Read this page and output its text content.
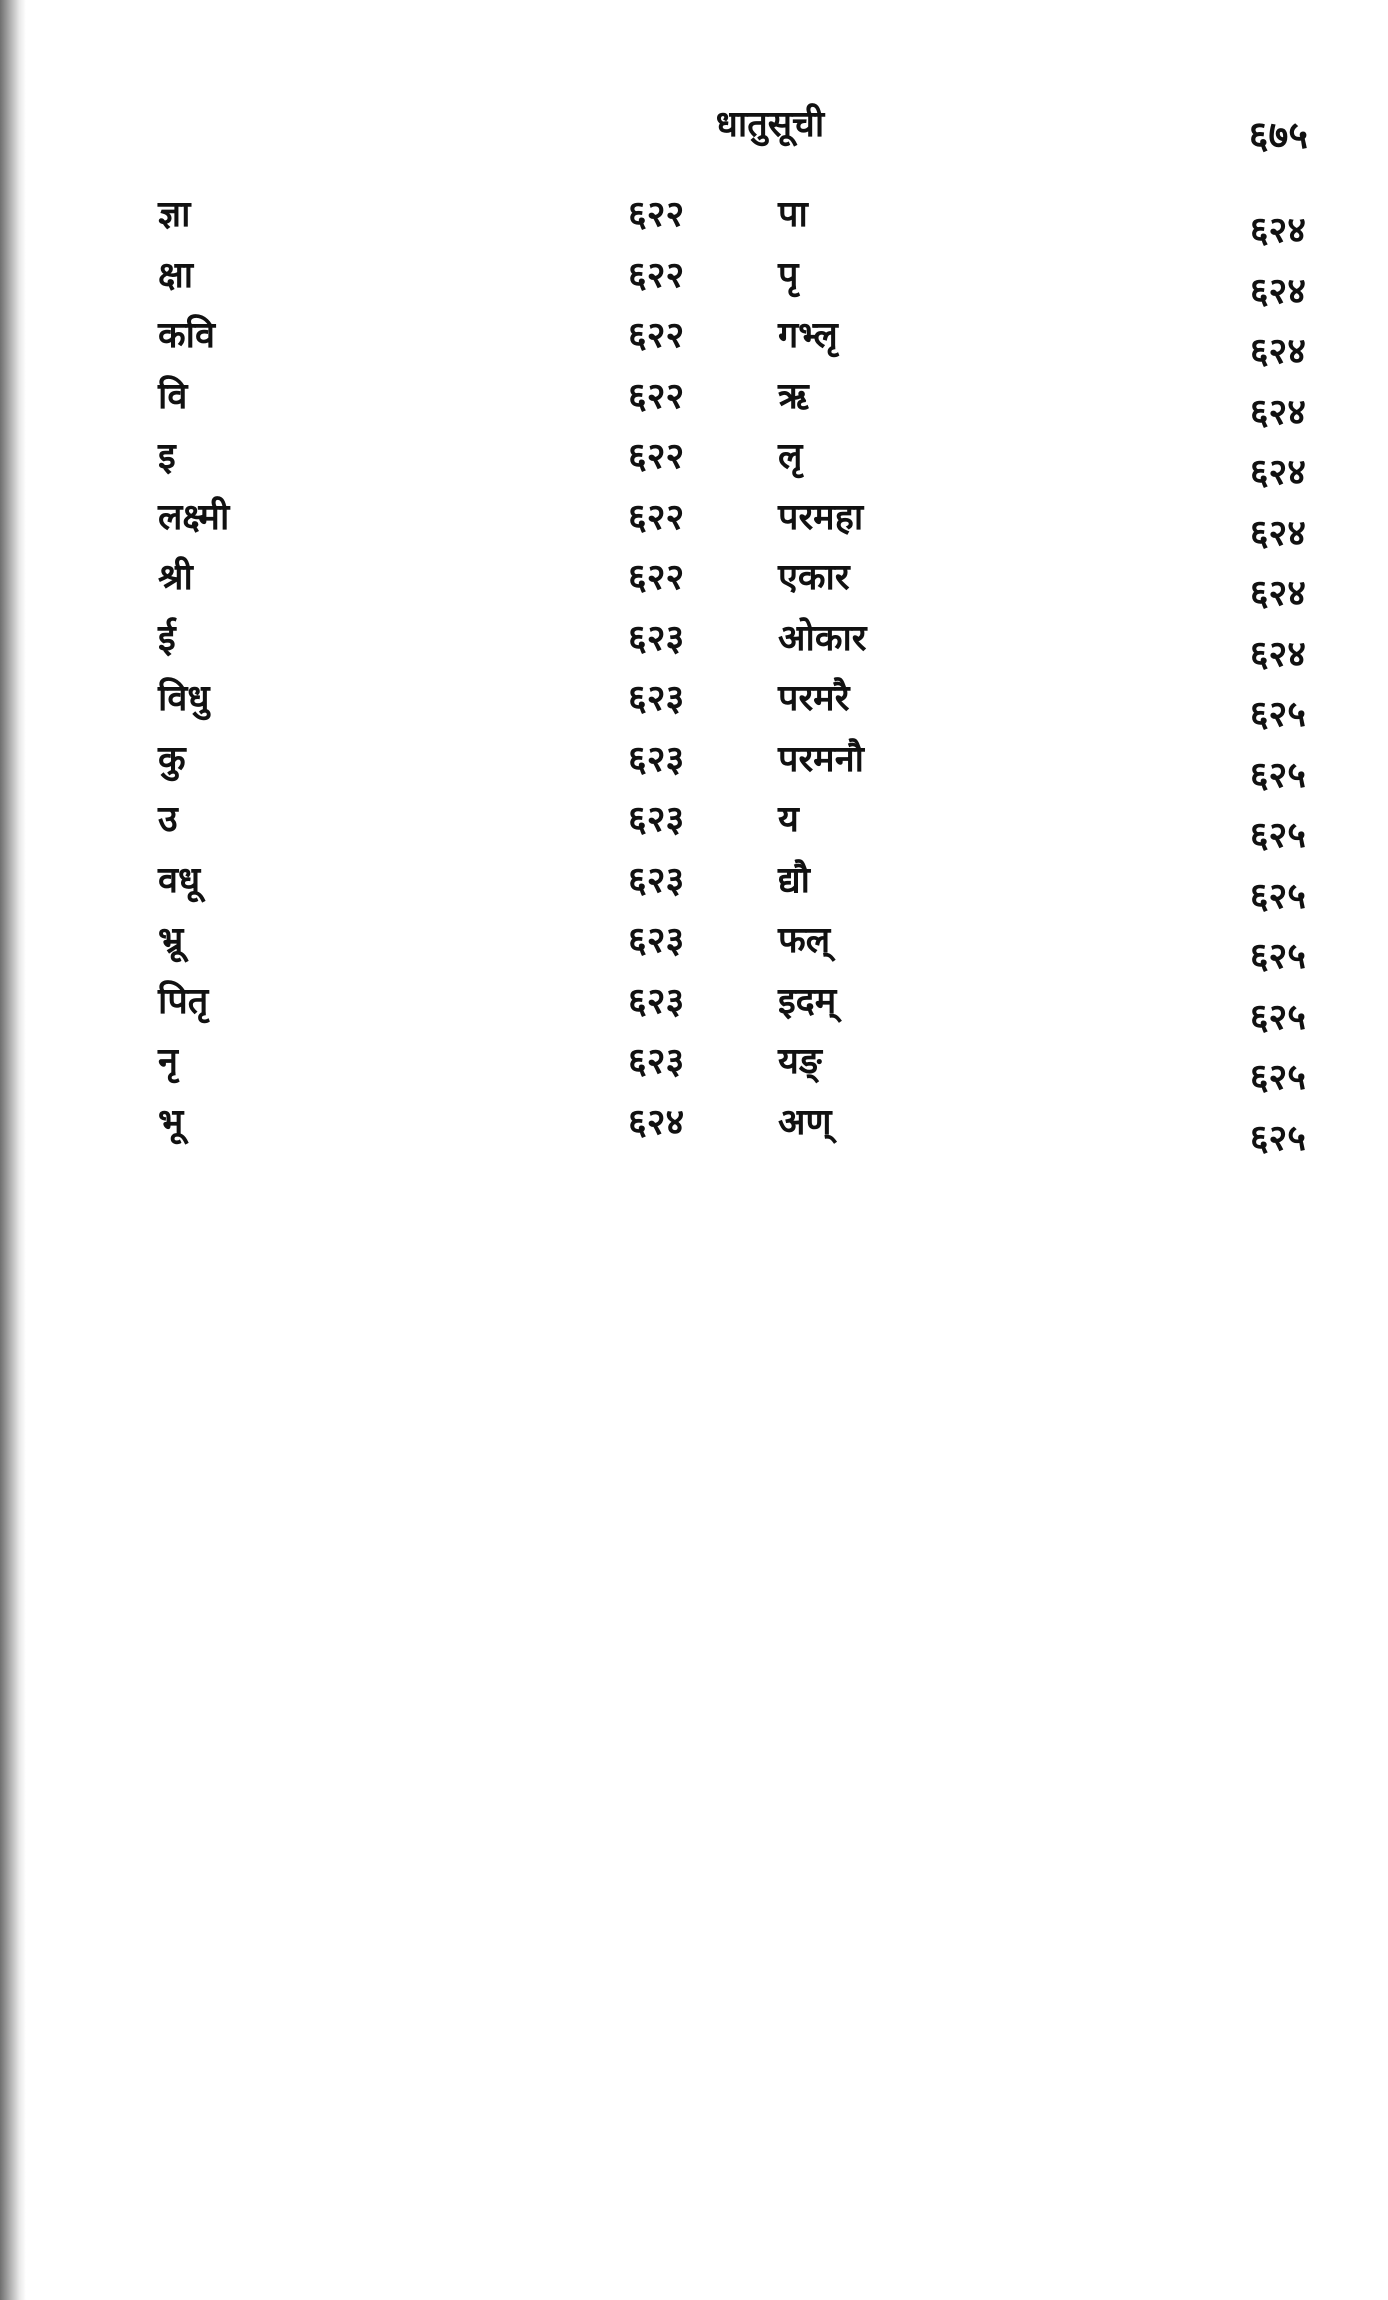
धातुसूची	६७५
ज्ञा	६२२	पा	६२४
क्षा	६२२	पृ	६२४
कवि	६२२	गभ्लृ	६२४
वि	६२२	ऋ	६२४
इ	६२२	लृ	६२४
लक्ष्मी	६२२	परमहा	६२४
श्री	६२२	एकार	६२४
ई	६२३	ओकार	६२४
विधु	६२३	परमरै	६२५
कु	६२३	परमनौ	६२५
उ	६२३	य	६२५
वधू	६२३	द्यौ	६२५
भ्रू	६२३	फल्	६२५
पितृ	६२३	इदम्	६२५
नृ	६२३	यङ्	६२५
भू	६२४	अण्	६२५
